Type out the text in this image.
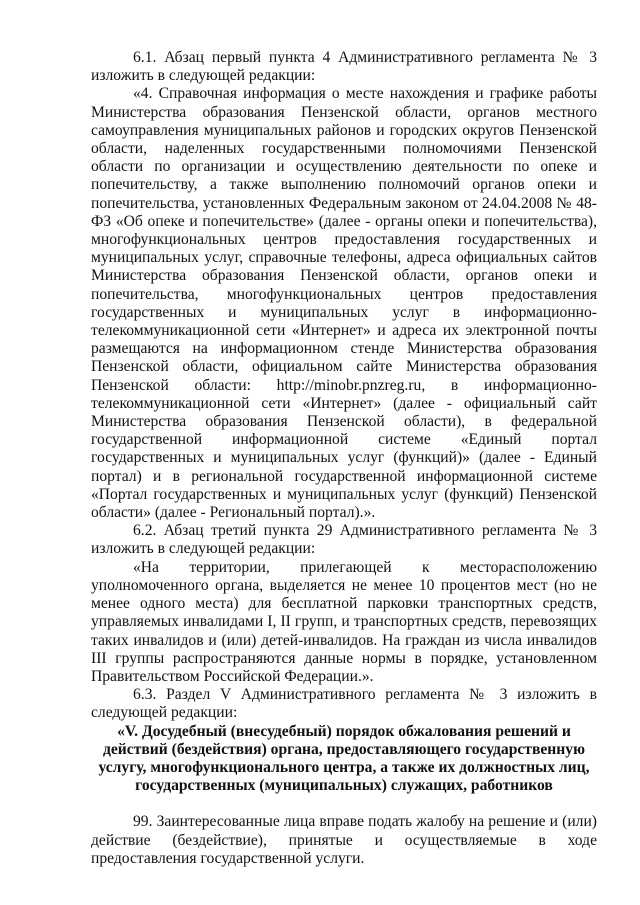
6.1. Абзац первый пункта 4 Административного регламента № 3 изложить в следующей редакции:

«4. Справочная информация о месте нахождения и графике работы Министерства образования Пензенской области, органов местного самоуправления муниципальных районов и городских округов Пензенской области, наделенных государственными полномочиями Пензенской области по организации и осуществлению деятельности по опеке и попечительству, а также выполнению полномочий органов опеки и попечительства, установленных Федеральным законом от 24.04.2008 № 48-ФЗ «Об опеке и попечительстве» (далее - органы опеки и попечительства), многофункциональных центров предоставления государственных и муниципальных услуг, справочные телефоны, адреса официальных сайтов Министерства образования Пензенской области, органов опеки и попечительства, многофункциональных центров предоставления государственных и муниципальных услуг в информационно-телекоммуникационной сети «Интернет» и адреса их электронной почты размещаются на информационном стенде Министерства образования Пензенской области, официальном сайте Министерства образования Пензенской области: http://minobr.pnzreg.ru, в информационно-телекоммуникационной сети «Интернет» (далее - официальный сайт Министерства образования Пензенской области), в федеральной государственной информационной системе «Единый портал государственных и муниципальных услуг (функций)» (далее - Единый портал) и в региональной государственной информационной системе «Портал государственных и муниципальных услуг (функций) Пензенской области» (далее - Региональный портал).».

6.2. Абзац третий пункта 29 Административного регламента № 3 изложить в следующей редакции:

«На территории, прилегающей к месторасположению уполномоченного органа, выделяется не менее 10 процентов мест (но не менее одного места) для бесплатной парковки транспортных средств, управляемых инвалидами I, II групп, и транспортных средств, перевозящих таких инвалидов и (или) детей-инвалидов. На граждан из числа инвалидов III группы распространяются данные нормы в порядке, установленном Правительством Российской Федерации.».

6.3. Раздел V Административного регламента № 3 изложить в следующей редакции:

«V. Досудебный (внесудебный) порядок обжалования решений и действий (бездействия) органа, предоставляющего государственную услугу, многофункционального центра, а также их должностных лиц, государственных (муниципальных) служащих, работников

99. Заинтересованные лица вправе подать жалобу на решение и (или) действие (бездействие), принятые и осуществляемые в ходе предоставления государственной услуги.
